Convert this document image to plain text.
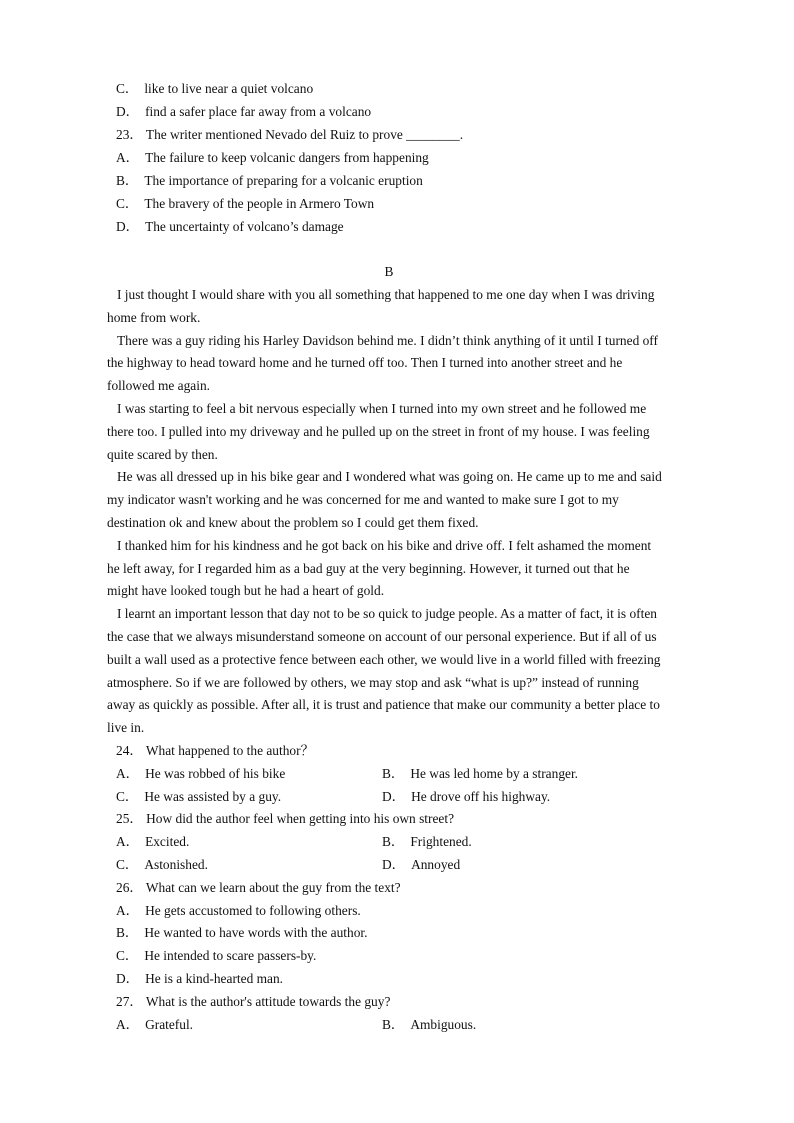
C． like to live near a quiet volcano
D． find a safer place far away from a volcano
23． The writer mentioned Nevado del Ruiz to prove ________.
A． The failure to keep volcanic dangers from happening
B． The importance of preparing for a volcanic eruption
C． The bravery of the people in Armero Town
D． The uncertainty of volcano’s damage
B
I just thought I would share with you all something that happened to me one day when I was driving
home from work.
There was a guy riding his Harley Davidson behind me. I didn’t think anything of it until I turned off
the highway to head toward home and he turned off too. Then I turned into another street and he
followed me again.
I was starting to feel a bit nervous especially when I turned into my own street and he followed me
there too. I pulled into my driveway and he pulled up on the street in front of my house. I was feeling
quite scared by then.
He was all dressed up in his bike gear and I wondered what was going on. He came up to me and said
my indicator wasn't working and he was concerned for me and wanted to make sure I got to my
destination ok and knew about the problem so I could get them fixed.
I thanked him for his kindness and he got back on his bike and drive off. I felt ashamed the moment
he left away, for I regarded him as a bad guy at the very beginning. However, it turned out that he
might have looked tough but he had a heart of gold.
I learnt an important lesson that day not to be so quick to judge people. As a matter of fact, it is often
the case that we always misunderstand someone on account of our personal experience. But if all of us
built a wall used as a protective fence between each other, we would live in a world filled with freezing
atmosphere. So if we are followed by others, we may stop and ask “what is up?” instead of running
away as quickly as possible. After all, it is trust and patience that make our community a better place to
live in.
24． What happened to the author？
A． He was robbed of his bike	B． He was led home by a stranger.
C． He was assisted by a guy.	D． He drove off his highway.
25． How did the author feel when getting into his own street?
A． Excited.	B． Frightened.
C． Astonished.	D． Annoyed
26． What can we learn about the guy from the text?
A． He gets accustomed to following others.
B． He wanted to have words with the author.
C． He intended to scare passers-by.
D． He is a kind-hearted man.
27． What is the author's attitude towards the guy?
A． Grateful.	B． Ambiguous.
